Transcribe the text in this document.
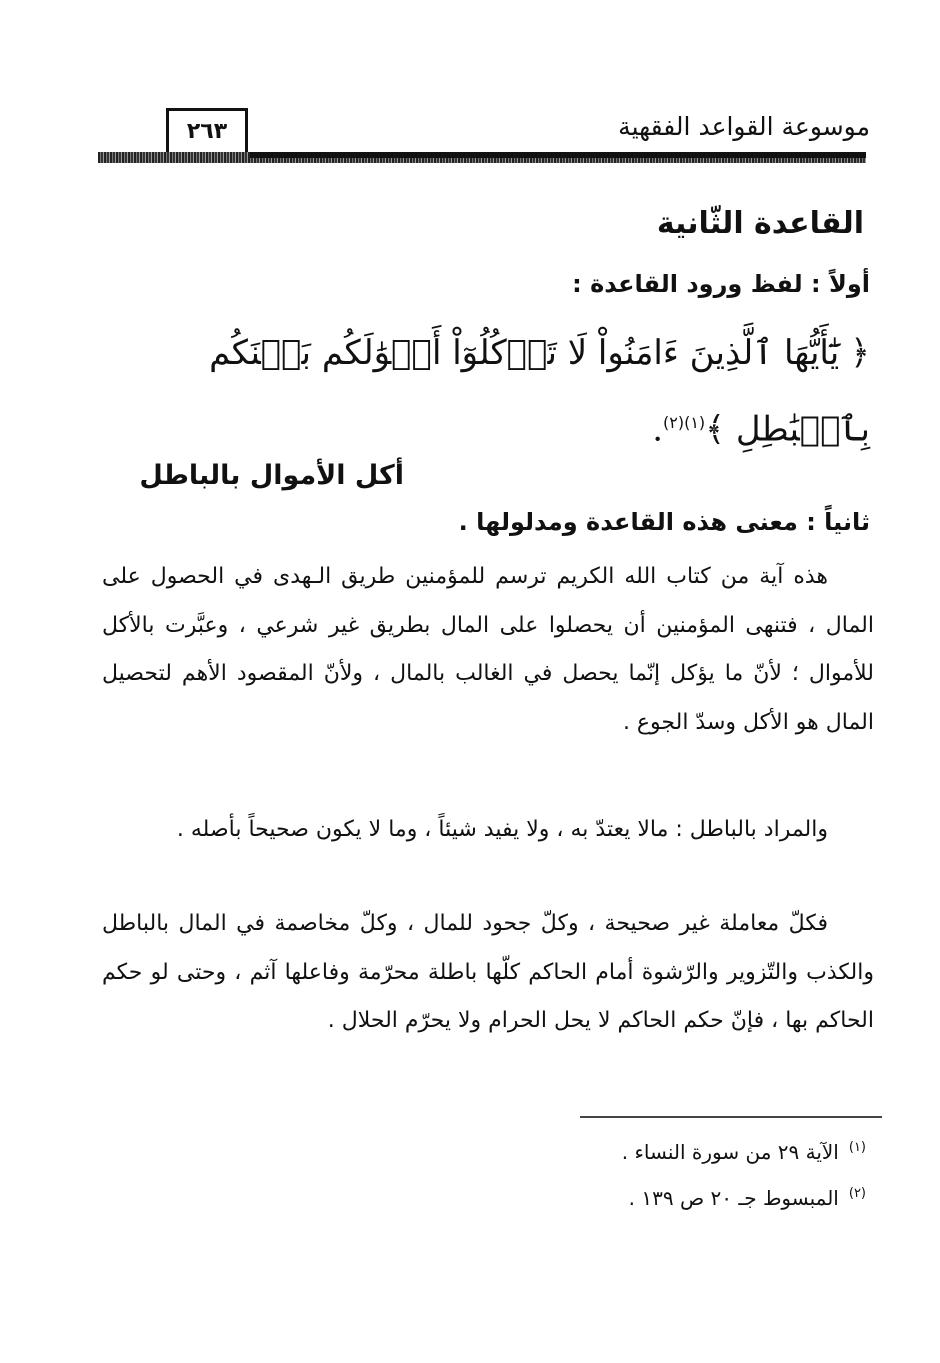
موسوعة القواعد الفقهية
٢٦٣
القاعدة الثّانية
أولاً : لفظ ورود القاعدة :
﴿ يَٰٓأَيُّهَا ٱلَّذِينَ ءَامَنُواْ لَا تَأۡكُلُوٓاْ أَمۡوَٰلَكُم بَيۡنَكُم بِٱلۡبَٰطِلِ ﴾$^{(١)(٢)}$.
أكل الأموال بالباطل
ثانياً : معنى هذه القاعدة ومدلولها .
هذه آية من كتاب الله الكريم ترسم للمؤمنين طريق الـهدى في الحصول على المال ، فتنهى المؤمنين أن يحصلوا على المال بطريق غير شرعي ، وعبَّرت بالأكل للأموال ؛ لأنّ ما يؤكل إنّما يحصل في الغالب بالمال ، ولأنّ المقصود الأهم لتحصيل المال هو الأكل وسدّ الجوع .
والمراد بالباطل : مالا يعتدّ به ، ولا يفيد شيئاً ، وما لا يكون صحيحاً بأصله .
فكلّ معاملة غير صحيحة ، وكلّ جحود للمال ، وكلّ مخاصمة في المال بالباطل والكذب والتّزوير والرّشوة أمام الحاكم كلّها باطلة محرّمة وفاعلها آثم ، وحتى لو حكم الحاكم بها ، فإنّ حكم الحاكم لا يحل الحرام ولا يحرّم الحلال .
$^{(١)}$الآية ٢٩ من سورة النساء .
$^{(٢)}$المبسوط جـ ٢٠ ص ١٣٩ .
